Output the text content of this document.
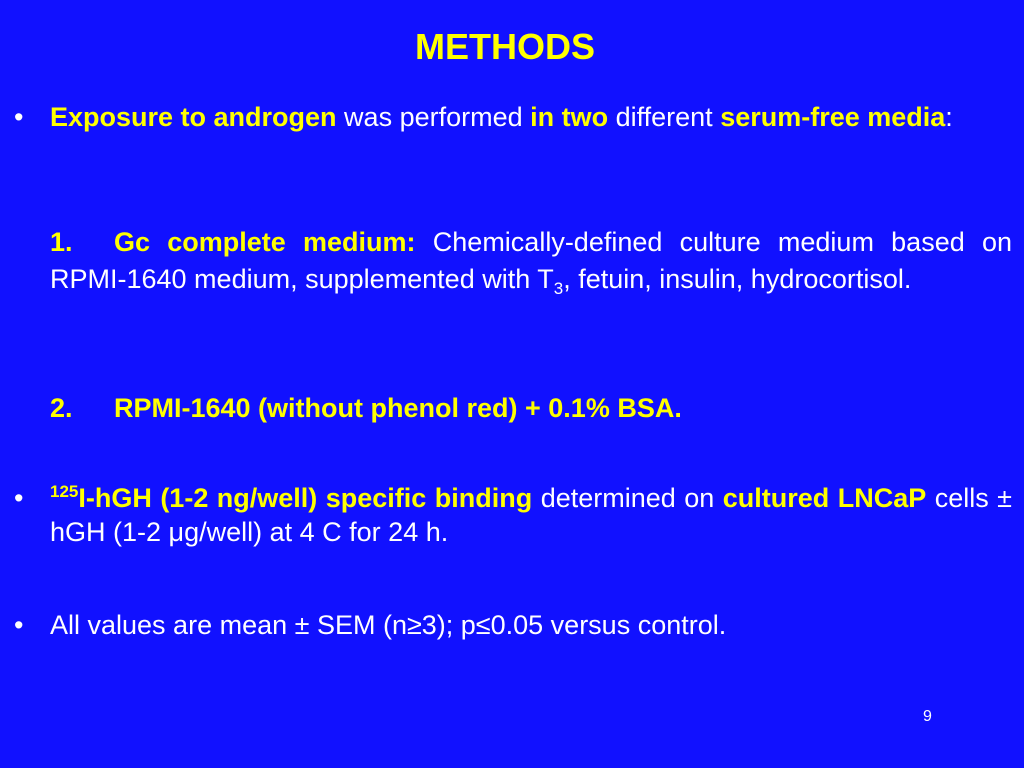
METHODS
• Exposure to androgen was performed in two different serum-free media:
1. Gc complete medium: Chemically-defined culture medium based on RPMI-1640 medium, supplemented with $T_3$, fetuin, insulin, hydrocortisol.
2. RPMI-1640 (without phenol red) + 0.1% BSA.
•	$^{125}$I-hGH (1-2 ng/well) specific binding determined on cultured LNCaP cells ± hGH (1-2 μg/well) at 4 C for 24 h.
• All values are mean ± SEM (n≥3); p≤0.05 versus control.
9
